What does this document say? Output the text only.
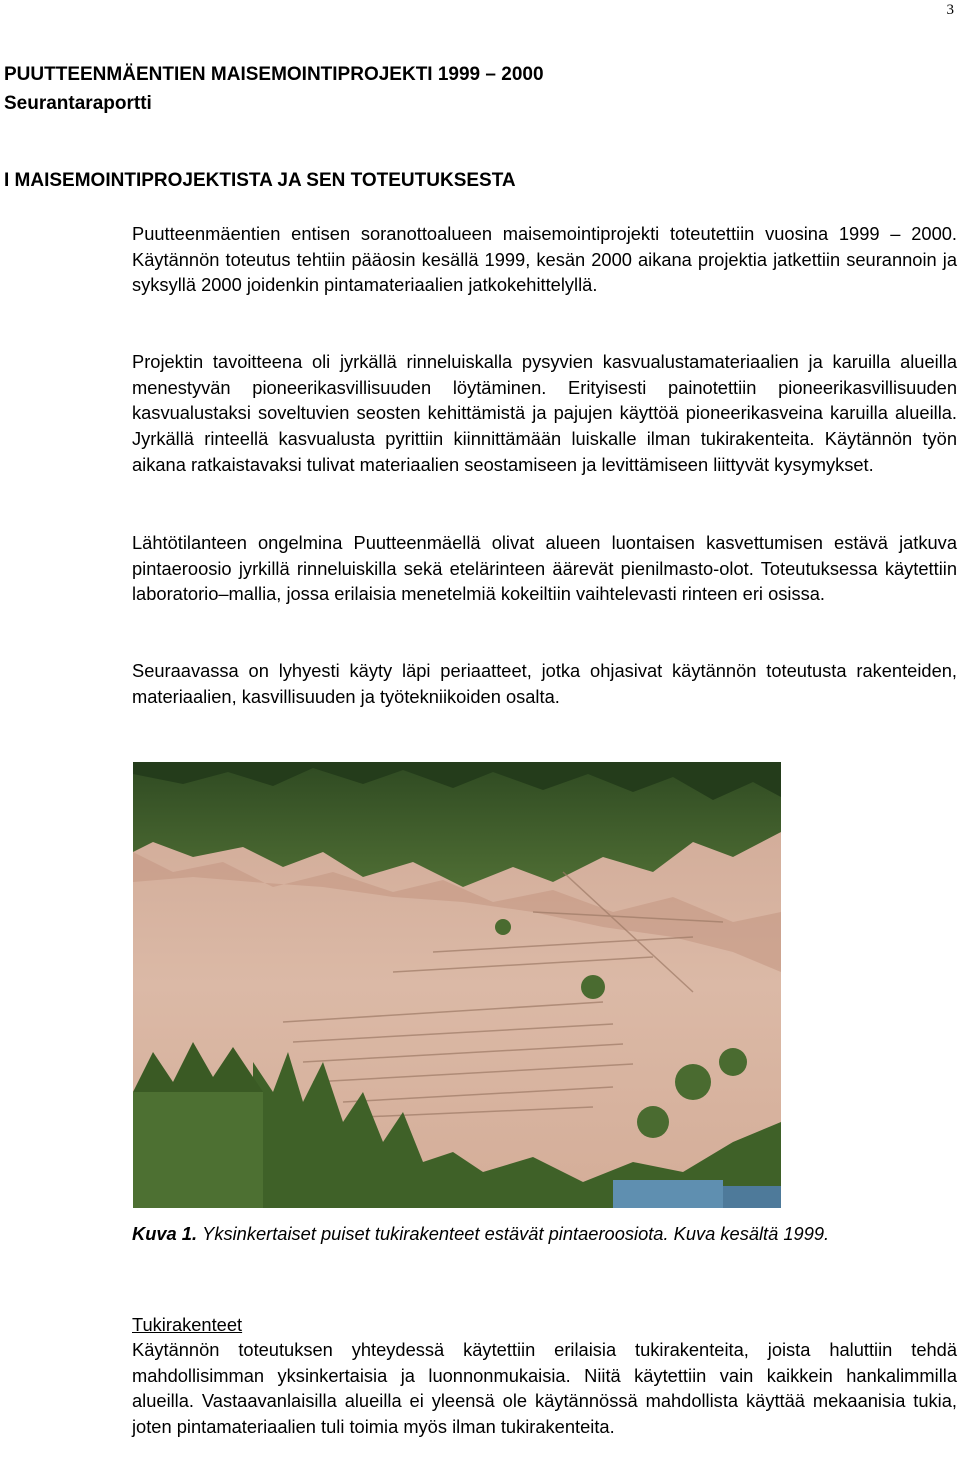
3
PUUTTEENMÄENTIEN MAISEMOINTIPROJEKTI 1999 – 2000
Seurantaraportti
I MAISEMOINTIPROJEKTISTA JA SEN TOTEUTUKSESTA
Puutteenmäentien entisen soranottoalueen maisemointiprojekti toteutettiin vuosina 1999 – 2000. Käytännön toteutus tehtiin pääosin kesällä 1999, kesän 2000 aikana projektia jatkettiin seurannoin ja syksyllä 2000 joidenkin pintamateriaalien jatkokehittelyllä.
Projektin tavoitteena oli jyrkällä rinneluiskalla pysyvien kasvualustamateriaalien ja karuilla alueilla menestyvän pioneerikasvillisuuden löytäminen. Erityisesti painotettiin pioneerikasvillisuuden kasvualustaksi soveltuvien seosten kehittämistä ja pajujen käyttöä pioneerikasveina karuilla alueilla. Jyrkällä rinteellä kasvualusta pyrittiin kiinnittämään luiskalle ilman tukirakenteita. Käytännön työn aikana ratkaistavaksi tulivat materiaalien seostamiseen ja levittämiseen liittyvät kysymykset.
Lähtötilanteen ongelmina Puutteenmäellä olivat alueen luontaisen kasvettumisen estävä jatkuva pintaeroosio jyrkillä rinneluiskilla sekä etelärinteen äärevät pienilmasto-olot. Toteutuksessa käytettiin laboratorio–mallia, jossa erilaisia menetelmiä kokeiltiin vaihtelevasti rinteen eri osissa.
Seuraavassa on lyhyesti käyty läpi periaatteet, jotka ohjasivat käytännön toteutusta rakenteiden, materiaalien, kasvillisuuden ja työtekniikoiden osalta.
Kuva 1. Yksinkertaiset puiset tukirakenteet estävät pintaeroosiota. Kuva kesältä 1999.
Tukirakenteet
Käytännön toteutuksen yhteydessä käytettiin erilaisia tukirakenteita, joista haluttiin tehdä mahdollisimman yksinkertaisia ja luonnonmukaisia. Niitä käytettiin vain kaikkein hankalimmilla alueilla. Vastaavanlaisilla alueilla ei yleensä ole käytännössä mahdollista käyttää mekaanisia tukia, joten pintamateriaalien tuli toimia myös ilman tukirakenteita.
